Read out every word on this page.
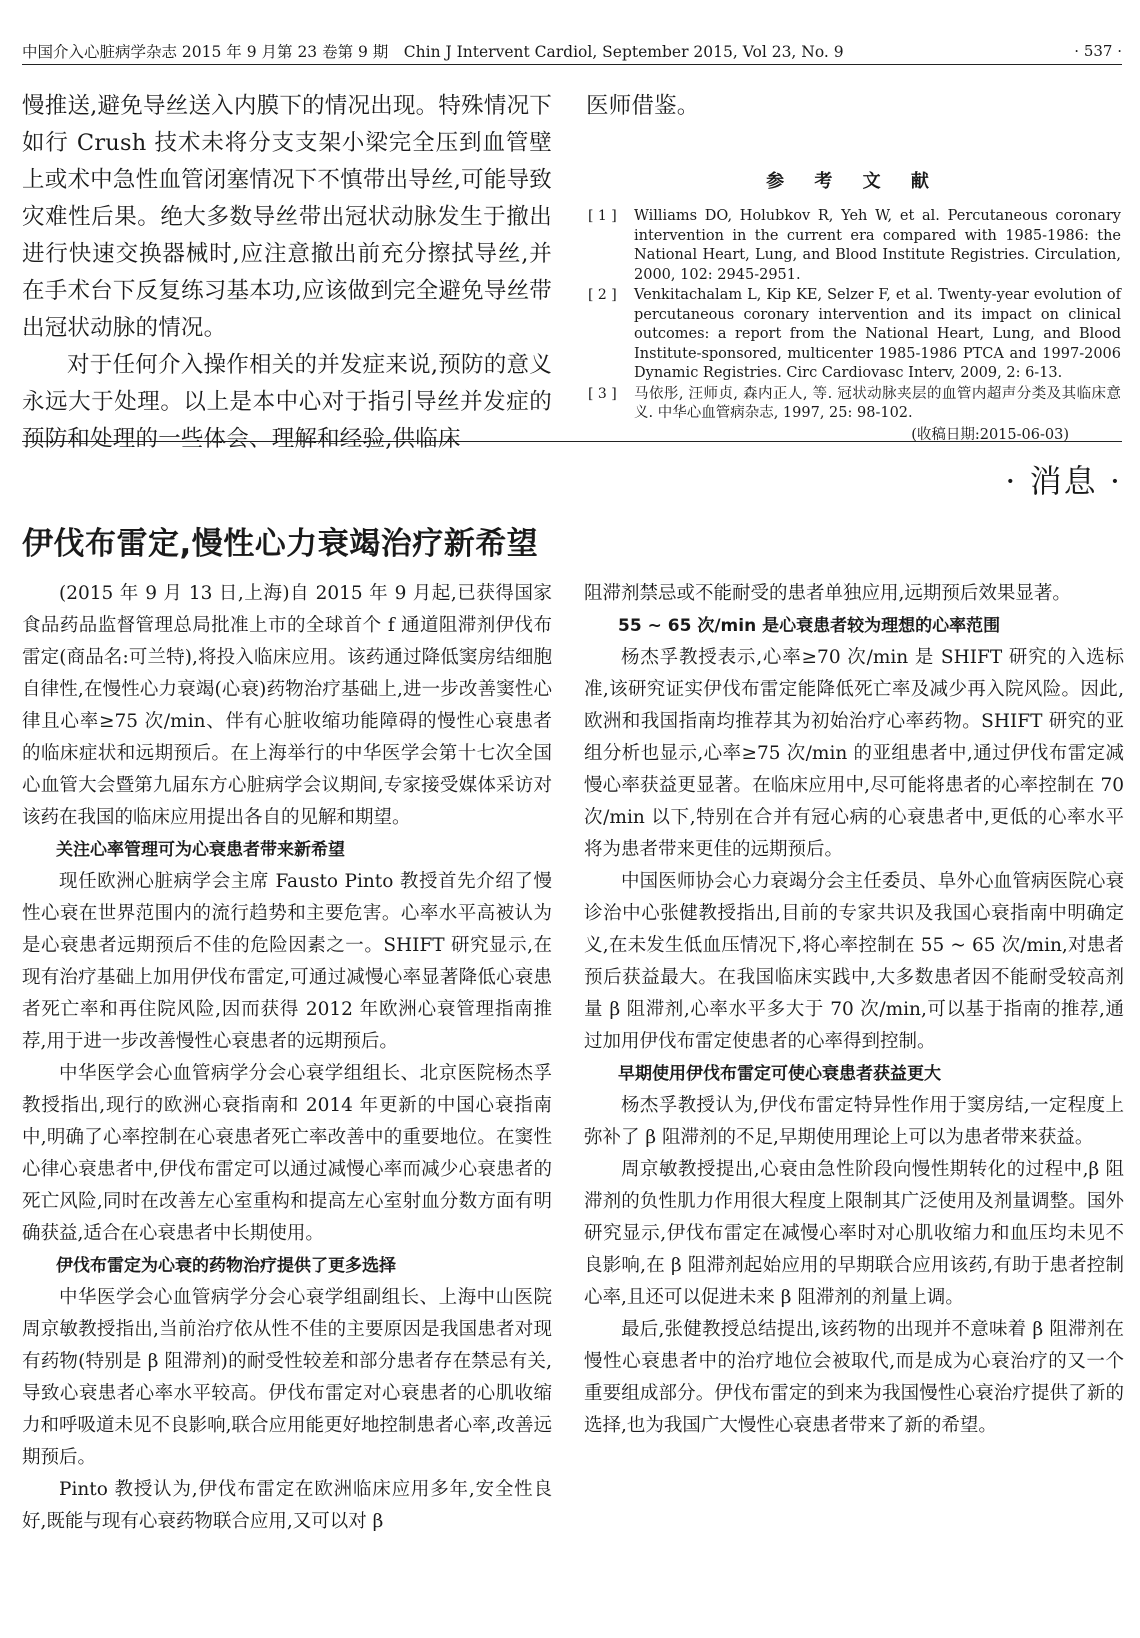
中国介入心脏病学杂志 2015 年 9 月第 23 卷第 9 期　Chin J Intervent Cardiol, September 2015, Vol 23, No. 9	· 537 ·

慢推送,避免导丝送入内膜下的情况出现。特殊情况下如行 Crush 技术未将分支支架小梁完全压到血管壁上或术中急性血管闭塞情况下不慎带出导丝,可能导致灾难性后果。绝大多数导丝带出冠状动脉发生于撤出进行快速交换器械时,应注意撤出前充分擦拭导丝,并在手术台下反复练习基本功,应该做到完全避免导丝带出冠状动脉的情况。

对于任何介入操作相关的并发症来说,预防的意义永远大于处理。以上是本中心对于指引导丝并发症的预防和处理的一些体会、理解和经验,供临床

医师借鉴。

参 考 文 献
[ 1 ]	Williams DO, Holubkov R, Yeh W, et al. Percutaneous coronary intervention in the current era compared with 1985-1986: the National Heart, Lung, and Blood Institute Registries. Circulation, 2000, 102: 2945-2951.
[ 2 ]	Venkitachalam L, Kip KE, Selzer F, et al. Twenty-year evolution of percutaneous coronary intervention and its impact on clinical outcomes: a report from the National Heart, Lung, and Blood Institute-sponsored, multicenter 1985-1986 PTCA and 1997-2006 Dynamic Registries. Circ Cardiovasc Interv, 2009, 2: 6-13.
[ 3 ]	马依彤, 汪师贞, 森内正人, 等. 冠状动脉夹层的血管内超声分类及其临床意义. 中华心血管病杂志, 1997, 25: 98-102.
(收稿日期:2015-06-03)
· 消息 ·
伊伐布雷定,慢性心力衰竭治疗新希望

(2015 年 9 月 13 日,上海)自 2015 年 9 月起,已获得国家食品药品监督管理总局批准上市的全球首个 f 通道阻滞剂伊伐布雷定(商品名:可兰特),将投入临床应用。该药通过降低窦房结细胞自律性,在慢性心力衰竭(心衰)药物治疗基础上,进一步改善窦性心律且心率≥75 次/min、伴有心脏收缩功能障碍的慢性心衰患者的临床症状和远期预后。在上海举行的中华医学会第十七次全国心血管大会暨第九届东方心脏病学会议期间,专家接受媒体采访对该药在我国的临床应用提出各自的见解和期望。

关注心率管理可为心衰患者带来新希望

现任欧洲心脏病学会主席 Fausto Pinto 教授首先介绍了慢性心衰在世界范围内的流行趋势和主要危害。心率水平高被认为是心衰患者远期预后不佳的危险因素之一。SHIFT 研究显示,在现有治疗基础上加用伊伐布雷定,可通过减慢心率显著降低心衰患者死亡率和再住院风险,因而获得 2012 年欧洲心衰管理指南推荐,用于进一步改善慢性心衰患者的远期预后。

中华医学会心血管病学分会心衰学组组长、北京医院杨杰孚教授指出,现行的欧洲心衰指南和 2014 年更新的中国心衰指南中,明确了心率控制在心衰患者死亡率改善中的重要地位。在窦性心律心衰患者中,伊伐布雷定可以通过减慢心率而减少心衰患者的死亡风险,同时在改善左心室重构和提高左心室射血分数方面有明确获益,适合在心衰患者中长期使用。

伊伐布雷定为心衰的药物治疗提供了更多选择

中华医学会心血管病学分会心衰学组副组长、上海中山医院周京敏教授指出,当前治疗依从性不佳的主要原因是我国患者对现有药物(特别是 β 阻滞剂)的耐受性较差和部分患者存在禁忌有关,导致心衰患者心率水平较高。伊伐布雷定对心衰患者的心肌收缩力和呼吸道未见不良影响,联合应用能更好地控制患者心率,改善远期预后。

Pinto 教授认为,伊伐布雷定在欧洲临床应用多年,安全性良好,既能与现有心衰药物联合应用,又可以对 β

阻滞剂禁忌或不能耐受的患者单独应用,远期预后效果显著。

55 ~ 65 次/min 是心衰患者较为理想的心率范围

杨杰孚教授表示,心率≥70 次/min 是 SHIFT 研究的入选标准,该研究证实伊伐布雷定能降低死亡率及减少再入院风险。因此,欧洲和我国指南均推荐其为初始治疗心率药物。SHIFT 研究的亚组分析也显示,心率≥75 次/min 的亚组患者中,通过伊伐布雷定减慢心率获益更显著。在临床应用中,尽可能将患者的心率控制在 70 次/min 以下,特别在合并有冠心病的心衰患者中,更低的心率水平将为患者带来更佳的远期预后。

中国医师协会心力衰竭分会主任委员、阜外心血管病医院心衰诊治中心张健教授指出,目前的专家共识及我国心衰指南中明确定义,在未发生低血压情况下,将心率控制在 55 ~ 65 次/min,对患者预后获益最大。在我国临床实践中,大多数患者因不能耐受较高剂量 β 阻滞剂,心率水平多大于 70 次/min,可以基于指南的推荐,通过加用伊伐布雷定使患者的心率得到控制。

早期使用伊伐布雷定可使心衰患者获益更大

杨杰孚教授认为,伊伐布雷定特异性作用于窦房结,一定程度上弥补了 β 阻滞剂的不足,早期使用理论上可以为患者带来获益。

周京敏教授提出,心衰由急性阶段向慢性期转化的过程中,β 阻滞剂的负性肌力作用很大程度上限制其广泛使用及剂量调整。国外研究显示,伊伐布雷定在减慢心率时对心肌收缩力和血压均未见不良影响,在 β 阻滞剂起始应用的早期联合应用该药,有助于患者控制心率,且还可以促进未来 β 阻滞剂的剂量上调。

最后,张健教授总结提出,该药物的出现并不意味着 β 阻滞剂在慢性心衰患者中的治疗地位会被取代,而是成为心衰治疗的又一个重要组成部分。伊伐布雷定的到来为我国慢性心衰治疗提供了新的选择,也为我国广大慢性心衰患者带来了新的希望。
